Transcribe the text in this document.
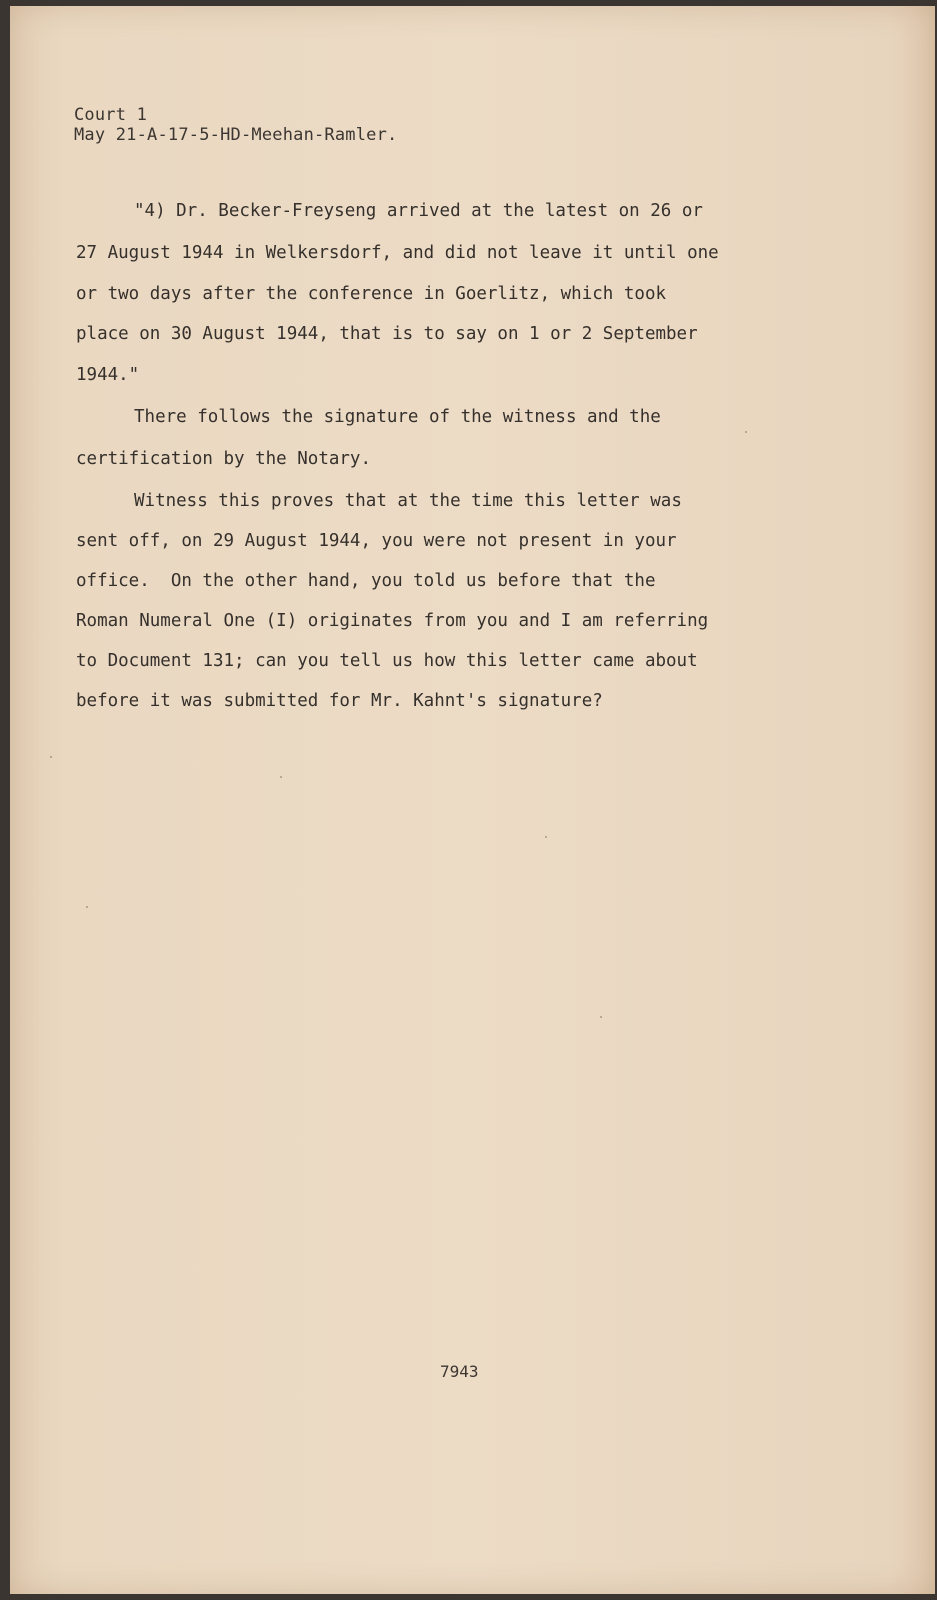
Court 1
May 21-A-17-5-HD-Meehan-Ramler.
"4) Dr. Becker-Freyseng arrived at the latest on 26 or
27 August 1944 in Welkersdorf, and did not leave it until one
or two days after the conference in Goerlitz, which took
place on 30 August 1944, that is to say on 1 or 2 September
1944."
There follows the signature of the witness and the
certification by the Notary.
Witness this proves that at the time this letter was
sent off, on 29 August 1944, you were not present in your
office.  On the other hand, you told us before that the
Roman Numeral One (I) originates from you and I am referring
to Document 131; can you tell us how this letter came about
before it was submitted for Mr. Kahnt's signature?
7943
